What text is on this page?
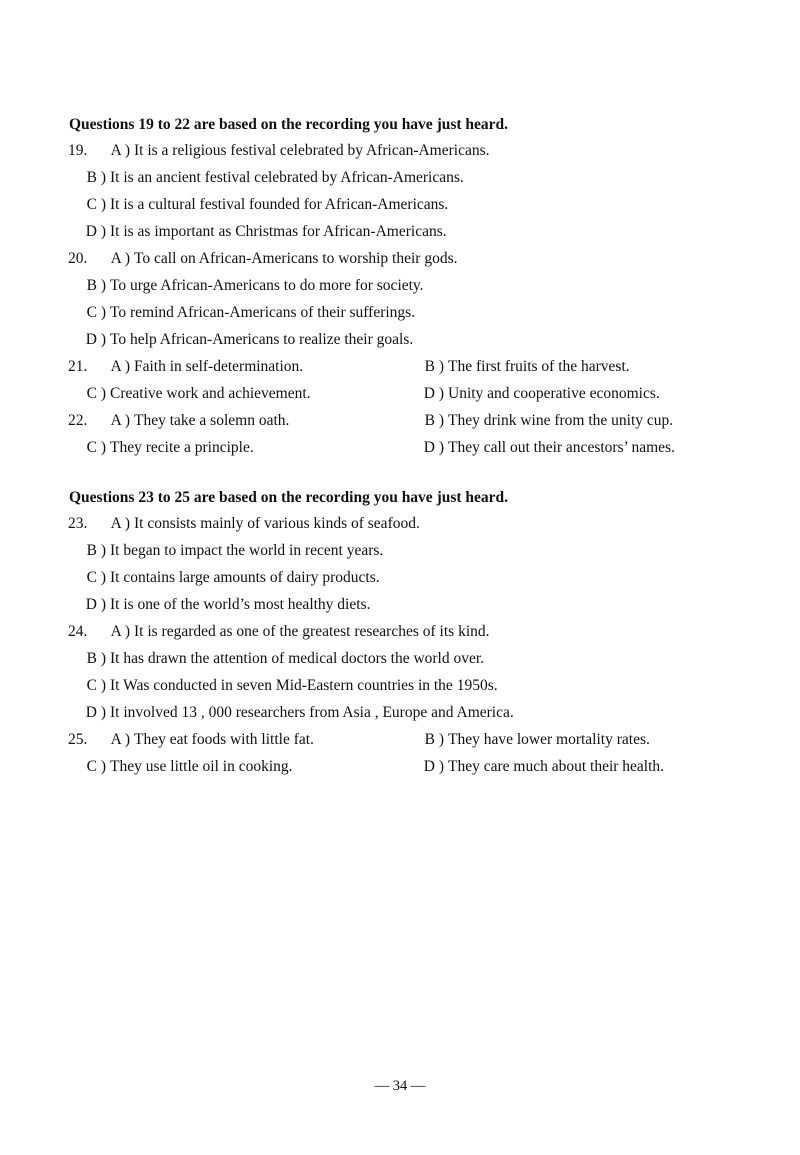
Questions 19 to 22 are based on the recording you have just heard.
19.	A ) It is a religious festival celebrated by African-Americans.
B ) It is an ancient festival celebrated by African-Americans.
C ) It is a cultural festival founded for African-Americans.
D ) It is as important as Christmas for African-Americans.
20.	A ) To call on African-Americans to worship their gods.
B ) To urge African-Americans to do more for society.
C ) To remind African-Americans of their sufferings.
D ) To help African-Americans to realize their goals.
21.	A ) Faith in self-determination.	B ) The first fruits of the harvest.
C ) Creative work and achievement.	D ) Unity and cooperative economics.
22.	A ) They take a solemn oath.	B ) They drink wine from the unity cup.
C ) They recite a principle.	D ) They call out their ancestors’ names.
Questions 23 to 25 are based on the recording you have just heard.
23.	A ) It consists mainly of various kinds of seafood.
B ) It began to impact the world in recent years.
C ) It contains large amounts of dairy products.
D ) It is one of the world’s most healthy diets.
24.	A ) It is regarded as one of the greatest researches of its kind.
B ) It has drawn the attention of medical doctors the world over.
C ) It Was conducted in seven Mid-Eastern countries in the 1950s.
D ) It involved 13 , 000 researchers from Asia , Europe and America.
25.	A ) They eat foods with little fat.	B ) They have lower mortality rates.
C ) They use little oil in cooking.	D ) They care much about their health.
— 34 —
